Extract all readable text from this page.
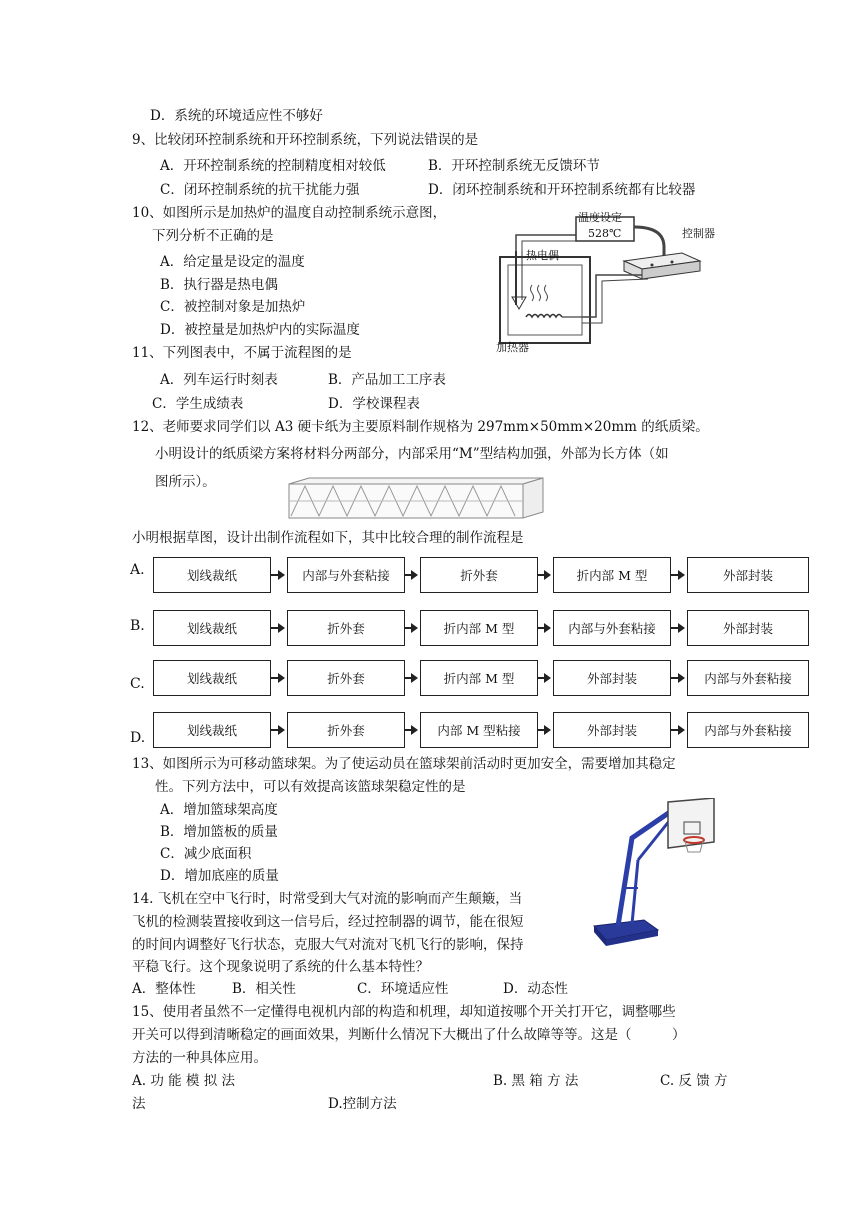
D．系统的环境适应性不够好
9、比较闭环控制系统和开环控制系统，下列说法错误的是
A．开环控制系统的控制精度相对较低	B．开环控制系统无反馈环节
C．闭环控制系统的抗干扰能力强	D．闭环控制系统和开环控制系统都有比较器
10、如图所示是加热炉的温度自动控制系统示意图，
下列分析不正确的是
A．给定量是设定的温度
B．执行器是热电偶
C．被控制对象是加热炉
D．被控量是加热炉内的实际温度
温度设定
528℃	控制器
热电偶
加热器
11、下列图表中，不属于流程图的是
A．列车运行时刻表	B．产品加工工序表
C．学生成绩表	D．学校课程表
12、老师要求同学们以 A3 硬卡纸为主要原料制作规格为 297mm×50mm×20mm 的纸质梁。
小明设计的纸质梁方案将材料分两部分，内部采用“M”型结构加强，外部为长方体（如
图所示）。
小明根据草图，设计出制作流程如下，其中比较合理的制作流程是
A.	划线裁纸	内部与外套粘接	折外套	折内部 M 型	外部封装
B.	划线裁纸	折外套	折内部 M 型	内部与外套粘接	外部封装
C.	划线裁纸	折外套	折内部 M 型	外部封装	内部与外套粘接
D.	划线裁纸	折外套	内部 M 型粘接	外部封装	内部与外套粘接
13、如图所示为可移动篮球架。为了使运动员在篮球架前活动时更加安全，需要增加其稳定
性。下列方法中，可以有效提高该篮球架稳定性的是
A．增加篮球架高度
B．增加篮板的质量
C．减少底面积
D．增加底座的质量
14. 飞机在空中飞行时，时常受到大气对流的影响而产生颠簸，当
飞机的检测装置接收到这一信号后，经过控制器的调节，能在很短
的时间内调整好飞行状态，克服大气对流对飞机飞行的影响，保持
平稳飞行。这个现象说明了系统的什么基本特性？
A．整体性	B．相关性	C．环境适应性	D．动态性
15、使用者虽然不一定懂得电视机内部的构造和机理，却知道按哪个开关打开它，调整哪些
开关可以得到清晰稳定的画面效果，判断什么情况下大概出了什么故障等等。这是（　　　）
方法的一种具体应用。
A. 功 能 模 拟 法	B. 黑 箱 方 法	C. 反 馈 方
法	D.控制方法
